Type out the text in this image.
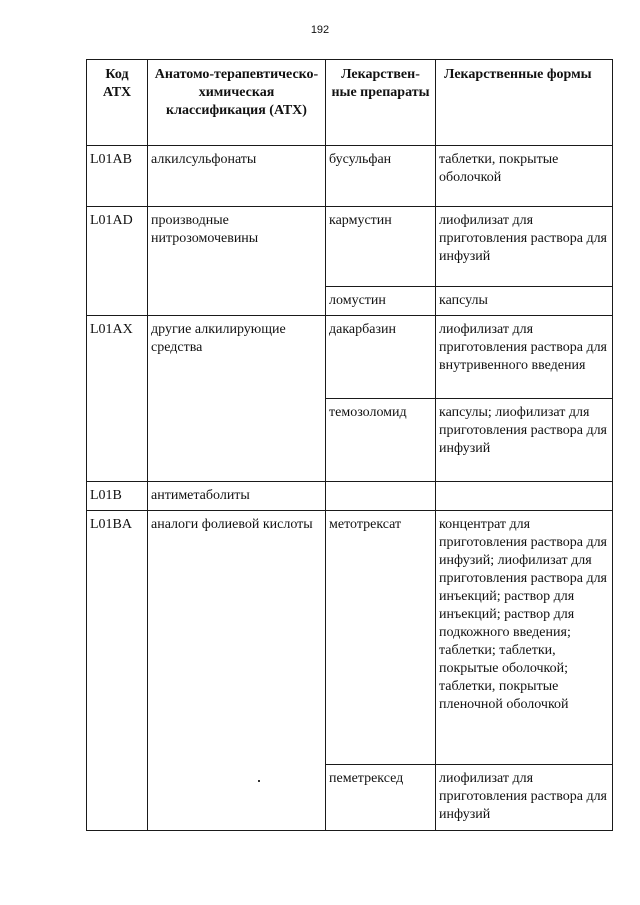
192
Код АТХ	Анатомо-терапевтическо-химическая классификация (АТХ)	Лекарствен-ные препараты	Лекарственные формы
L01AB	алкилсульфонаты	бусульфан	таблетки, покрытые оболочкой
L01AD	производные нитрозомочевины	кармустин	лиофилизат для приготовления раствора для инфузий
		ломустин	капсулы
L01AX	другие алкилирующие средства	дакарбазин	лиофилизат для приготовления раствора для внутривенного введения
		темозоломид	капсулы; лиофилизат для приготовления раствора для инфузий
L01B	антиметаболиты		
L01BA	аналоги фолиевой кислоты	метотрексат	концентрат для приготовления раствора для инфузий; лиофилизат для приготовления раствора для инъекций; раствор для инъекций; раствор для подкожного введения; таблетки; таблетки, покрытые оболочкой; таблетки, покрытые пленочной оболочкой
		пеметрексед	лиофилизат для приготовления раствора для инфузий
